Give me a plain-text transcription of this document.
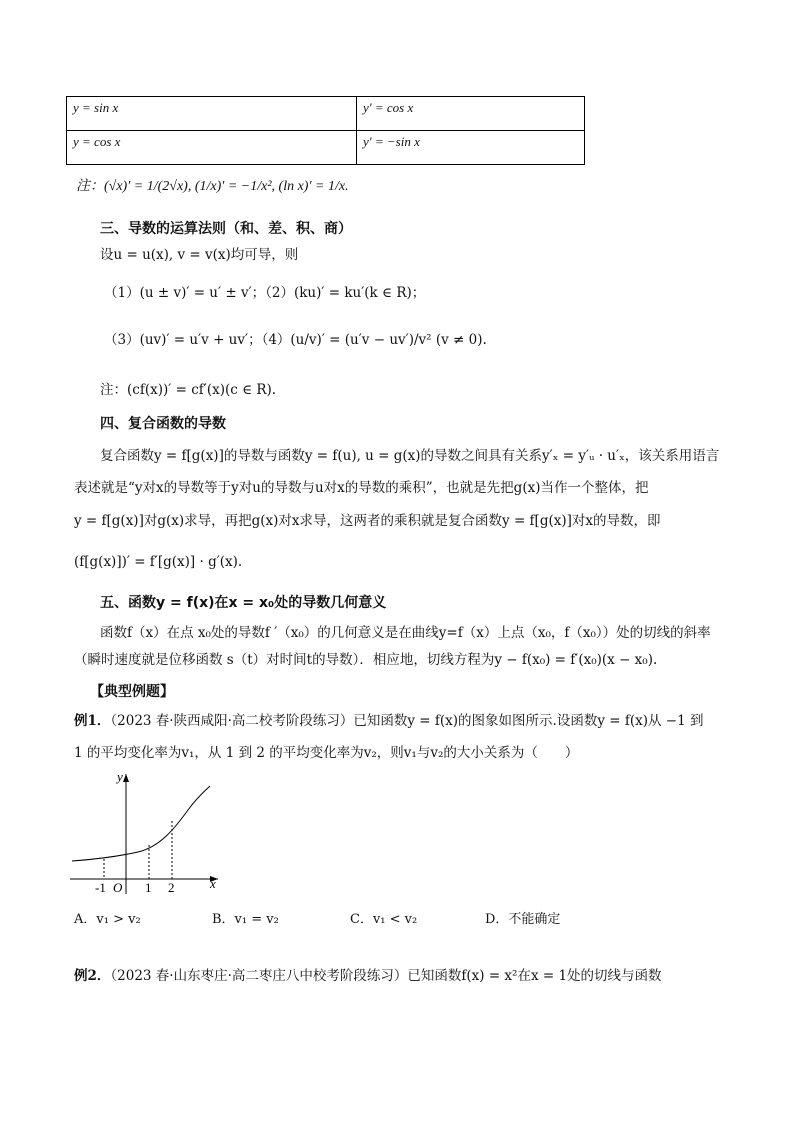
y = sin x	y′ = cos x
y = cos x	y′ = −sin x
注：(√x)′ = 1/(2√x), (1/x)′ = −1/x², (ln x)′ = 1/x.
三、导数的运算法则（和、差、积、商）
设u = u(x), v = v(x)均可导，则
（1）(u ± v)′ = u′ ± v′；（2）(ku)′ = ku′(k ∈ R)；
（3）(uv)′ = u′v + uv′；（4）(u/v)′ = (u′v − uv′)/v² (v ≠ 0).
注：(cf(x))′ = cf′(x)(c ∈ R).
四、复合函数的导数
复合函数y = f[g(x)]的导数与函数y = f(u), u = g(x)的导数之间具有关系y′ₓ = y′ᵤ · u′ₓ，该关系用语言
表述就是“y对x的导数等于y对u的导数与u对x的导数的乘积”，也就是先把g(x)当作一个整体，把
y = f[g(x)]对g(x)求导，再把g(x)对x求导，这两者的乘积就是复合函数y = f[g(x)]对x的导数，即
(f[g(x)])′ = f′[g(x)] · g′(x).
五、函数y = f(x)在x = x₀处的导数几何意义
函数f（x）在点 x₀处的导数f ′（x₀）的几何意义是在曲线y=f（x）上点（x₀，f（x₀））处的切线的斜率
（瞬时速度就是位移函数 s（t）对时间t的导数）．相应地，切线方程为y − f(x₀) = f′(x₀)(x − x₀).
【典型例题】
例1．（2023 春·陕西咸阳·高二校考阶段练习）已知函数y = f(x)的图象如图所示.设函数y = f(x)从 −1 到
1 的平均变化率为v₁，从 1 到 2 的平均变化率为v₂，则v₁与v₂的大小关系为（　　）
y
x
O
-1	1 2
A．v₁ > v₂	B．v₁ = v₂	C．v₁ < v₂	D．不能确定
例2．（2023 春·山东枣庄·高二枣庄八中校考阶段练习）已知函数f(x) = x²在x = 1处的切线与函数
